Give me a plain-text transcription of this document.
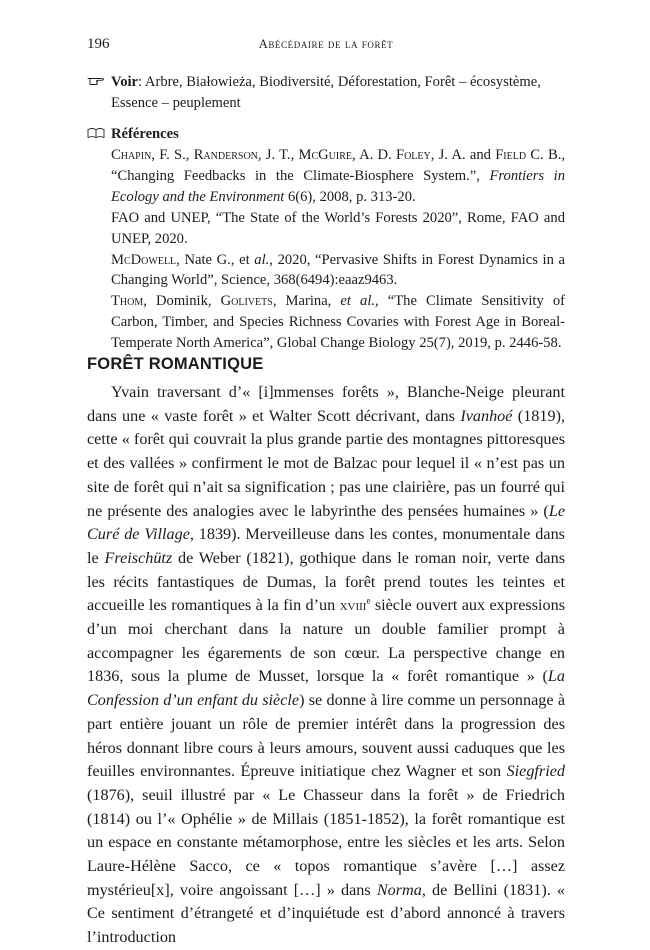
196	Abécédaire de la forêt
Voir: Arbre, Białowieża, Biodiversité, Déforestation, Forêt – écosystème, Essence – peuplement
Références

Chapin, F. S., Randerson, J. T., McGuire, A. D. Foley, J. A. and Field C. B., “Changing Feedbacks in the Climate-Biosphere System.”, Frontiers in Ecology and the Environment 6(6), 2008, p. 313-20.

FAO and UNEP, “The State of the World’s Forests 2020”, Rome, FAO and UNEP, 2020.

McDowell, Nate G., et al., 2020, “Pervasive Shifts in Forest Dynamics in a Changing World”, Science, 368(6494):eaaz9463.

Thom, Dominik, Golivets, Marina, et al., “The Climate Sensitivity of Carbon, Timber, and Species Richness Covaries with Forest Age in Boreal-Temperate North America”, Global Change Biology 25(7), 2019, p. 2446-58.

FORÊT ROMANTIQUE

Yvain traversant d’« [i]mmenses forêts », Blanche-Neige pleurant dans une « vaste forêt » et Walter Scott décrivant, dans Ivanhoé (1819), cette « forêt qui couvrait la plus grande partie des montagnes pittoresques et des vallées » confirment le mot de Balzac pour lequel il « n’est pas un site de forêt qui n’ait sa signification ; pas une clairière, pas un fourré qui ne présente des analogies avec le labyrinthe des pensées humaines » (Le Curé de Village, 1839). Merveilleuse dans les contes, monumentale dans le Freischütz de Weber (1821), gothique dans le roman noir, verte dans les récits fantastiques de Dumas, la forêt prend toutes les teintes et accueille les romantiques à la fin d’un xviii$^e$ siècle ouvert aux expressions d’un moi cherchant dans la nature un double familier prompt à accompagner les égarements de son cœur. La perspective change en 1836, sous la plume de Musset, lorsque la « forêt romantique » (La Confession d’un enfant du siècle) se donne à lire comme un personnage à part entière jouant un rôle de premier intérêt dans la progression des héros donnant libre cours à leurs amours, souvent aussi caduques que les feuilles environnantes. Épreuve initiatique chez Wagner et son Siegfried (1876), seuil illustré par « Le Chasseur dans la forêt » de Friedrich (1814) ou l’« Ophélie » de Millais (1851-1852), la forêt romantique est un espace en constante métamorphose, entre les siècles et les arts. Selon Laure-Hélène Sacco, ce « topos romantique s’avère […] assez mystérieu[x], voire angoissant […] » dans Norma, de Bellini (1831). « Ce sentiment d’étrangeté et d’inquiétude est d’abord annoncé à travers l’introduction
